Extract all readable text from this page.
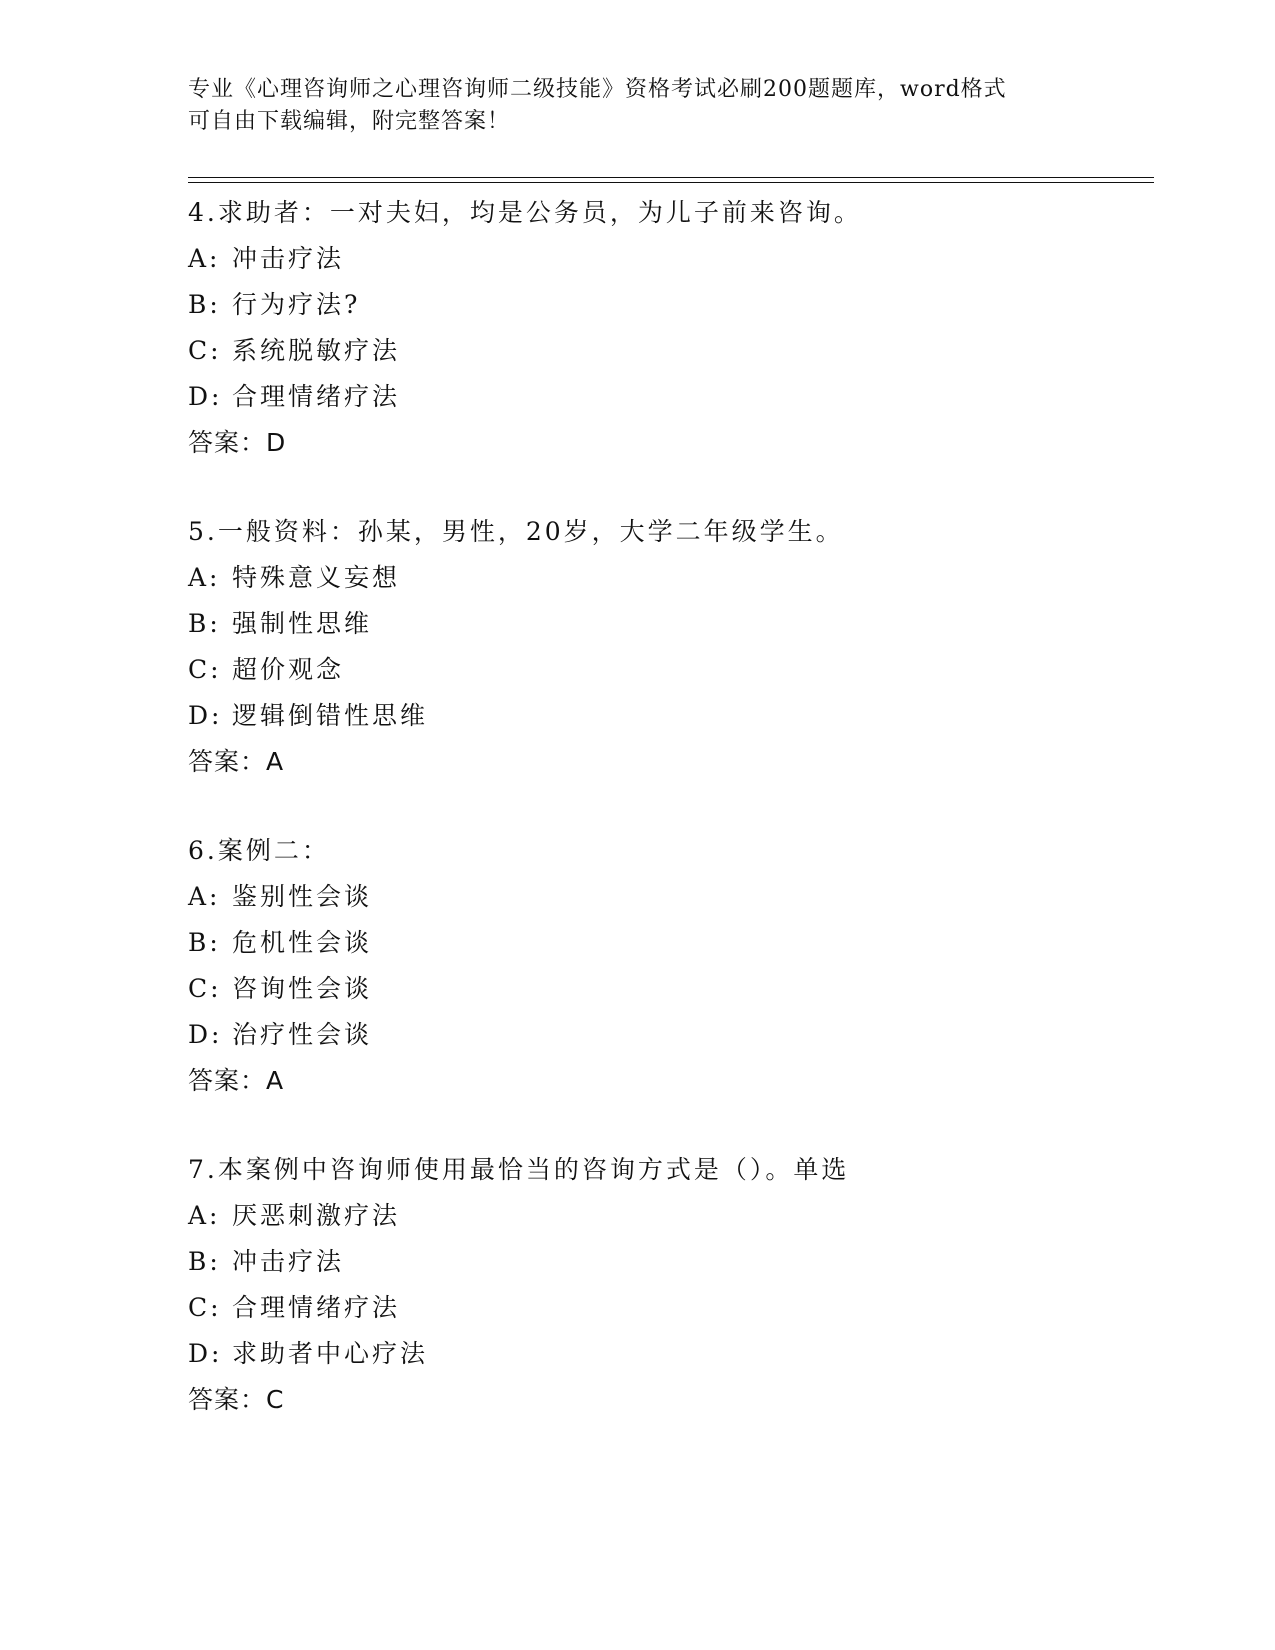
专业《心理咨询师之心理咨询师二级技能》资格考试必刷200题题库，word格式

可自由下载编辑，附完整答案！

4.求助者：一对夫妇，均是公务员，为儿子前来咨询。
A: 冲击疗法
B: 行为疗法?
C: 系统脱敏疗法
D: 合理情绪疗法
答案：D
5.一般资料：孙某，男性，20岁，大学二年级学生。
A: 特殊意义妄想
B: 强制性思维
C: 超价观念
D: 逻辑倒错性思维
答案：A
6.案例二：
A: 鉴别性会谈
B: 危机性会谈
C: 咨询性会谈
D: 治疗性会谈
答案：A
7.本案例中咨询师使用最恰当的咨询方式是（）。单选
A: 厌恶刺激疗法
B: 冲击疗法
C: 合理情绪疗法
D: 求助者中心疗法
答案：C
